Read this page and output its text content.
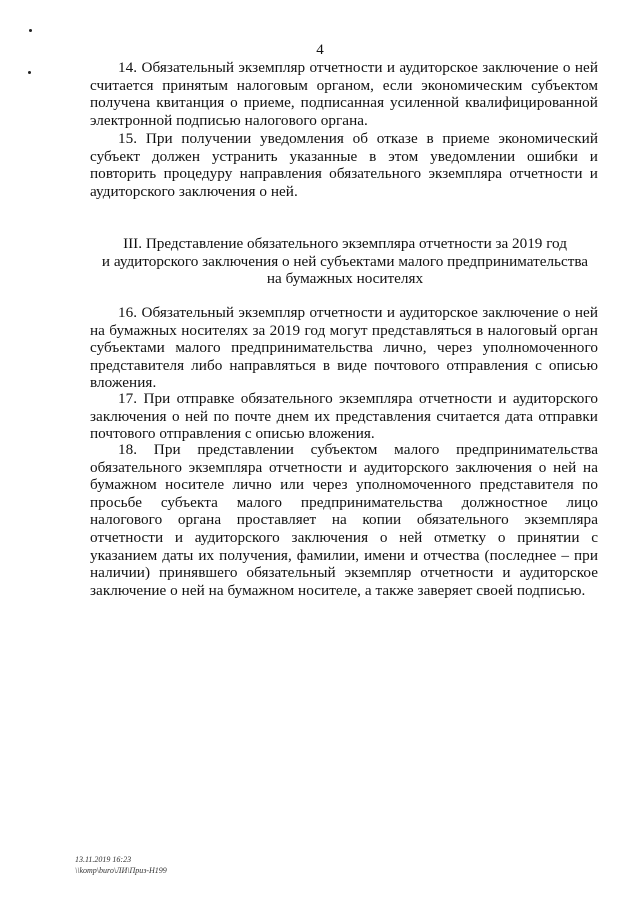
4

14. Обязательный экземпляр отчетности и аудиторское заключение о ней считается принятым налоговым органом, если экономическим субъектом получена квитанция о приеме, подписанная усиленной квалифицированной электронной подписью налогового органа.

15. При получении уведомления об отказе в приеме экономический субъект должен устранить указанные в этом уведомлении ошибки и повторить процедуру направления обязательного экземпляра отчетности и аудиторского заключения о ней.

III. Представление обязательного экземпляра отчетности за 2019 год
и аудиторского заключения о ней субъектами малого предпринимательства
на бумажных носителях

16. Обязательный экземпляр отчетности и аудиторское заключение о ней на бумажных носителях за 2019 год могут представляться в налоговый орган субъектами малого предпринимательства лично, через уполномоченного представителя либо направляться в виде почтового отправления с описью вложения.

17. При отправке обязательного экземпляра отчетности и аудиторского заключения о ней по почте днем их представления считается дата отправки почтового отправления с описью вложения.

18. При представлении субъектом малого предпринимательства обязательного экземпляра отчетности и аудиторского заключения о ней на бумажном носителе лично или через уполномоченного представителя по просьбе субъекта малого предпринимательства должностное лицо налогового органа проставляет на копии обязательного экземпляра отчетности и аудиторского заключения о ней отметку о принятии с указанием даты их получения, фамилии, имени и отчества (последнее – при наличии) принявшего обязательный экземпляр отчетности и аудиторское заключение о ней на бумажном носителе, а также заверяет своей подписью.

13.11.2019 16:23
\\komp\buro\ЛИ\Приз-Н199
